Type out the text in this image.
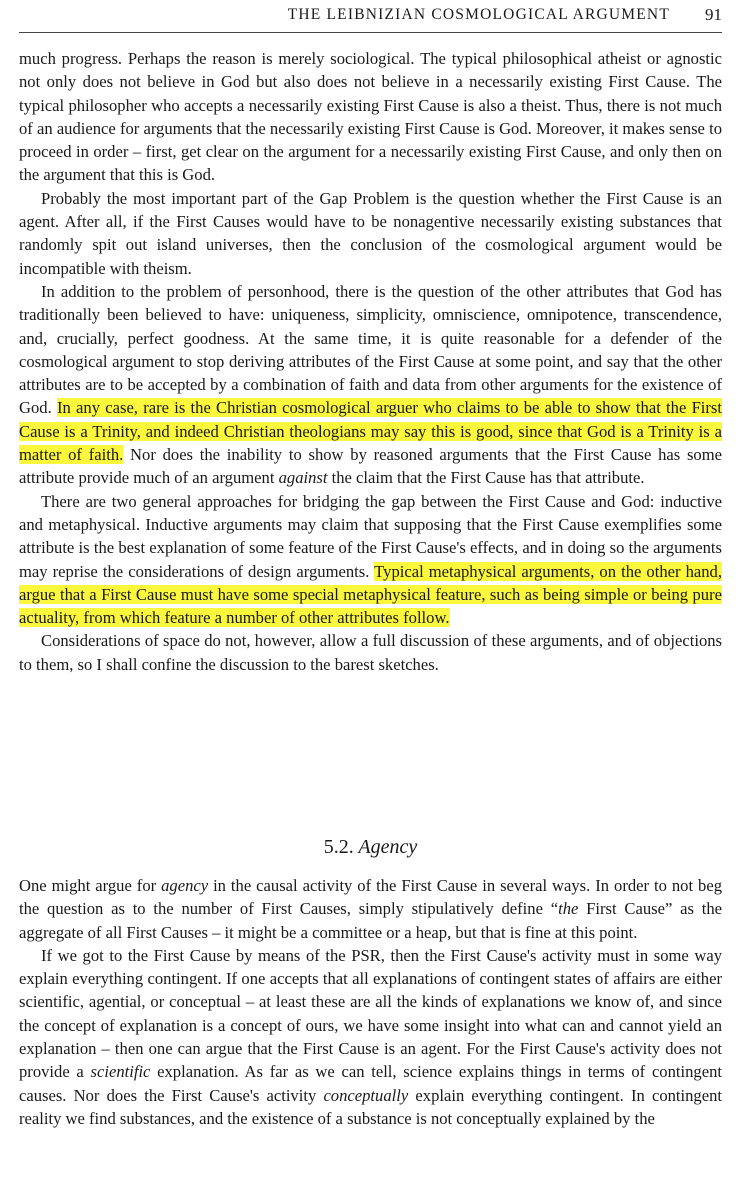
THE LEIBNIZIAN COSMOLOGICAL ARGUMENT 91

much progress. Perhaps the reason is merely sociological. The typical philosophical atheist or agnostic not only does not believe in God but also does not believe in a necessarily existing First Cause. The typical philosopher who accepts a necessarily existing First Cause is also a theist. Thus, there is not much of an audience for arguments that the necessarily existing First Cause is God. Moreover, it makes sense to proceed in order – first, get clear on the argument for a necessarily existing First Cause, and only then on the argument that this is God.

Probably the most important part of the Gap Problem is the question whether the First Cause is an agent. After all, if the First Causes would have to be nonagentive necessarily existing substances that randomly spit out island universes, then the conclusion of the cosmological argument would be incompatible with theism.

In addition to the problem of personhood, there is the question of the other attributes that God has traditionally been believed to have: uniqueness, simplicity, omniscience, omnipotence, transcendence, and, crucially, perfect goodness. At the same time, it is quite reasonable for a defender of the cosmological argument to stop deriving attributes of the First Cause at some point, and say that the other attributes are to be accepted by a combination of faith and data from other arguments for the existence of God. In any case, rare is the Christian cosmological arguer who claims to be able to show that the First Cause is a Trinity, and indeed Christian theologians may say this is good, since that God is a Trinity is a matter of faith. Nor does the inability to show by reasoned arguments that the First Cause has some attribute provide much of an argument against the claim that the First Cause has that attribute.

There are two general approaches for bridging the gap between the First Cause and God: inductive and metaphysical. Inductive arguments may claim that supposing that the First Cause exemplifies some attribute is the best explanation of some feature of the First Cause's effects, and in doing so the arguments may reprise the considerations of design arguments. Typical metaphysical arguments, on the other hand, argue that a First Cause must have some special metaphysical feature, such as being simple or being pure actuality, from which feature a number of other attributes follow.

Considerations of space do not, however, allow a full discussion of these arguments, and of objections to them, so I shall confine the discussion to the barest sketches.

5.2. Agency

One might argue for agency in the causal activity of the First Cause in several ways. In order to not beg the question as to the number of First Causes, simply stipulatively define “the First Cause” as the aggregate of all First Causes – it might be a committee or a heap, but that is fine at this point.

If we got to the First Cause by means of the PSR, then the First Cause's activity must in some way explain everything contingent. If one accepts that all explanations of contingent states of affairs are either scientific, agential, or conceptual – at least these are all the kinds of explanations we know of, and since the concept of explanation is a concept of ours, we have some insight into what can and cannot yield an explanation – then one can argue that the First Cause is an agent. For the First Cause's activity does not provide a scientific explanation. As far as we can tell, science explains things in terms of contingent causes. Nor does the First Cause's activity conceptually explain everything contingent. In contingent reality we find substances, and the existence of a substance is not conceptually explained by the
